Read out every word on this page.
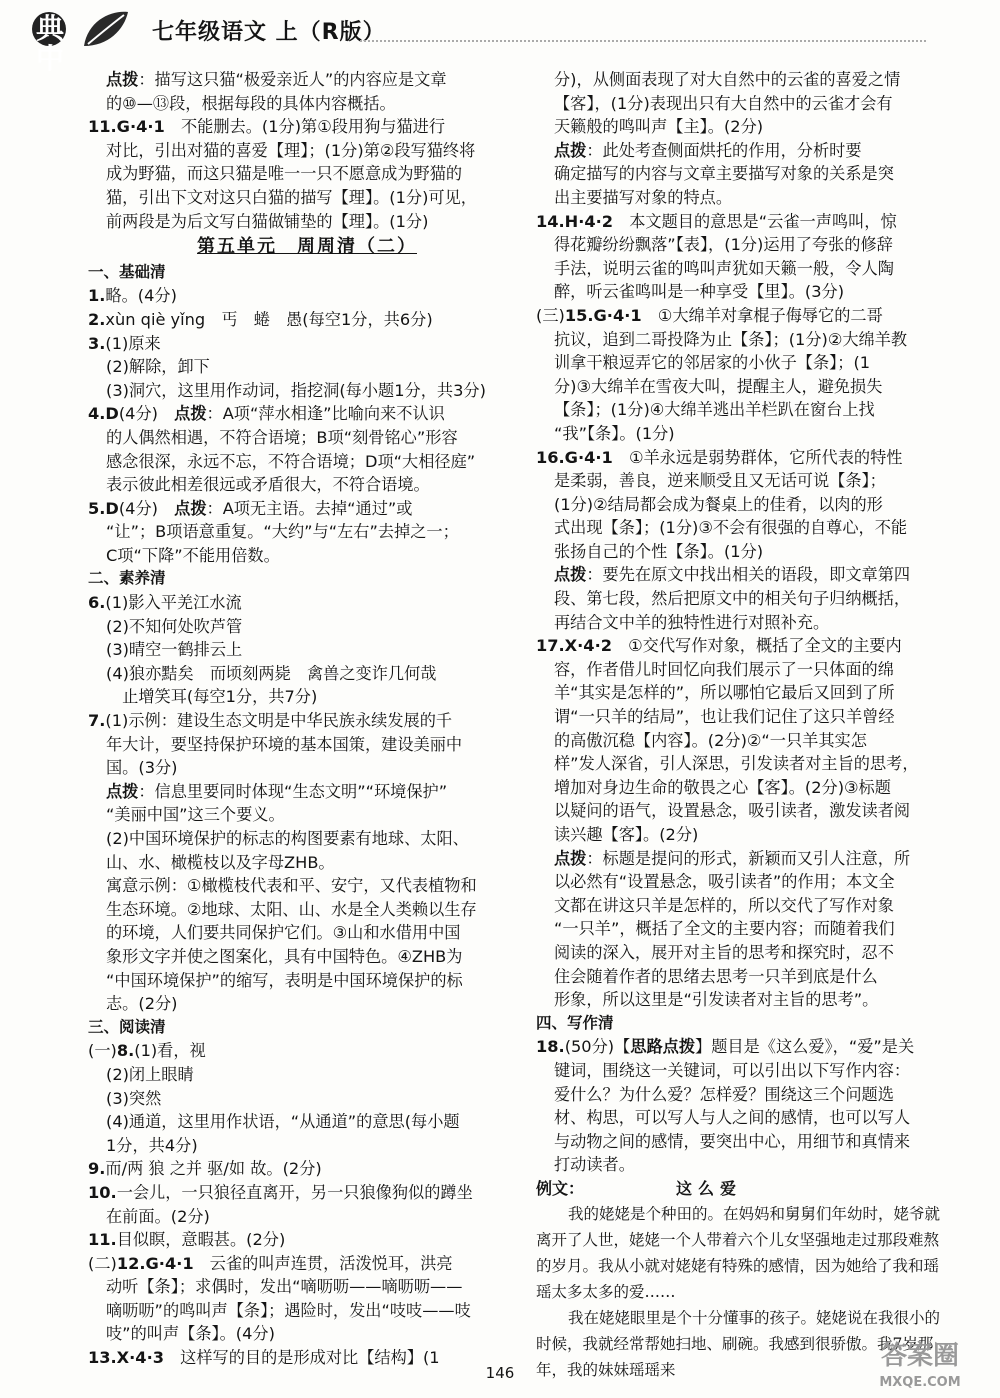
典中
七年级语文 上（R版）

点拨：描写这只猫“极爱亲近人”的内容应是文章

的⑩—⑬段，根据每段的具体内容概括。

11.G·4·1　不能删去。(1分)第①段用狗与猫进行

对比，引出对猫的喜爱【理】；(1分)第②段写猫终将

成为野猫，而这只猫是唯一一只不愿意成为野猫的

猫，引出下文对这只白猫的描写【理】。(1分)可见，

前两段是为后文写白猫做铺垫的【理】。(1分)

第五单元　周周清（二）

一、基础清

1.略。(4分)

2.xùn qiè yǐng　丐　蜷　愚(每空1分，共6分)

3.(1)原来

(2)解除，卸下

(3)洞穴，这里用作动词，指挖洞(每小题1分，共3分)

4.D(4分)　点拨：A项“萍水相逢”比喻向来不认识

的人偶然相遇，不符合语境；B项“刻骨铭心”形容

感念很深，永远不忘，不符合语境；D项“大相径庭”

表示彼此相差很远或矛盾很大，不符合语境。

5.D(4分)　点拨：A项无主语。去掉“通过”或

“让”；B项语意重复。“大约”与“左右”去掉之一；

C项“下降”不能用倍数。

二、素养清

6.(1)影入平羌江水流

(2)不知何处吹芦管

(3)晴空一鹤排云上

(4)狼亦黠矣　而顷刻两毙　禽兽之变诈几何哉

　止增笑耳(每空1分，共7分)

7.(1)示例：建设生态文明是中华民族永续发展的千

年大计，要坚持保护环境的基本国策，建设美丽中

国。(3分)

点拨：信息里要同时体现“生态文明”“环境保护”

“美丽中国”这三个要义。

(2)中国环境保护的标志的构图要素有地球、太阳、

山、水、橄榄枝以及字母ZHB。

寓意示例：①橄榄枝代表和平、安宁，又代表植物和

生态环境。②地球、太阳、山、水是全人类赖以生存

的环境，人们要共同保护它们。③山和水借用中国

象形文字并使之图案化，具有中国特色。④ZHB为

“中国环境保护”的缩写，表明是中国环境保护的标

志。(2分)

三、阅读清

(一)8.(1)看，视

(2)闭上眼睛

(3)突然

(4)通道，这里用作状语，“从通道”的意思(每小题

1分，共4分)

9.而/两 狼 之并 驱/如 故。(2分)

10.一会儿，一只狼径直离开，另一只狼像狗似的蹲坐

在前面。(2分)

11.目似瞑，意暇甚。(2分)

(二)12.G·4·1　云雀的叫声连贯，活泼悦耳，洪亮

动听【条】；求偶时，发出“嘀呖呖——嘀呖呖——

嘀呖呖”的鸣叫声【条】；遇险时，发出“吱吱——吱

吱”的叫声【条】。(4分)

13.X·4·3　这样写的目的是形成对比【结构】(1

分)，从侧面表现了对大自然中的云雀的喜爱之情

【客】，(1分)表现出只有大自然中的云雀才会有

天籁般的鸣叫声【主】。(2分)

点拨：此处考查侧面烘托的作用，分析时要

确定描写的内容与文章主要描写对象的关系是突

出主要描写对象的特点。

14.H·4·2　本文题目的意思是“云雀一声鸣叫，惊

得花瓣纷纷飘落”【表】，(1分)运用了夸张的修辞

手法，说明云雀的鸣叫声犹如天籁一般，令人陶

醉，听云雀鸣叫是一种享受【里】。(3分)

(三)15.G·4·1　①大绵羊对拿棍子侮辱它的二哥

抗议，追到二哥投降为止【条】；(1分)②大绵羊教

训拿干粮逗弄它的邻居家的小伙子【条】；(1

分)③大绵羊在雪夜大叫，提醒主人，避免损失

【条】；(1分)④大绵羊逃出羊栏趴在窗台上找

“我”【条】。(1分)

16.G·4·1　①羊永远是弱势群体，它所代表的特性

是柔弱，善良，逆来顺受且又无话可说【条】；

(1分)②结局都会成为餐桌上的佳肴，以肉的形

式出现【条】；(1分)③不会有很强的自尊心，不能

张扬自己的个性【条】。(1分)

点拨：要先在原文中找出相关的语段，即文章第四

段、第七段，然后把原文中的相关句子归纳概括，

再结合文中羊的独特性进行对照补充。

17.X·4·2　①交代写作对象，概括了全文的主要内

容，作者借儿时回忆向我们展示了一只体面的绵

羊“其实是怎样的”，所以哪怕它最后又回到了所

谓“一只羊的结局”，也让我们记住了这只羊曾经

的高傲沉稳【内容】。(2分)②“一只羊其实怎

样”发人深省，引人深思，引发读者对主旨的思考，

增加对身边生命的敬畏之心【客】。(2分)③标题

以疑问的语气，设置悬念，吸引读者，激发读者阅

读兴趣【客】。(2分)

点拨：标题是提问的形式，新颖而又引人注意，所

以必然有“设置悬念，吸引读者”的作用；本文全

文都在讲这只羊是怎样的，所以交代了写作对象

“一只羊”，概括了全文的主要内容；而随着我们

阅读的深入，展开对主旨的思考和探究时，忍不

住会随着作者的思绪去思考一只羊到底是什么

形象，所以这里是“引发读者对主旨的思考”。

四、写作清

18.(50分)【思路点拨】题目是《这么爱》，“爱”是关

键词，围绕这一关键词，可以引出以下写作内容：

爱什么？为什么爱？怎样爱？围绕这三个问题选

材、构思，可以写人与人之间的感情，也可以写人

与动物之间的感情，要突出中心，用细节和真情来

打动读者。

例文：	这么爱

我的姥姥是个种田的。在妈妈和舅舅们年幼时，姥爷就离开了人世，姥姥一个人带着六个儿女坚强地走过那段难熬的岁月。我从小就对姥姥有特殊的感情，因为她给了我和瑶瑶太多太多的爱……

我在姥姥眼里是个十分懂事的孩子。姥姥说在我很小的时候，我就经常帮她扫地、刷碗。我感到很骄傲。我7岁那年，我的妹妹瑶瑶来

146
答案圈
MXQE.COM
